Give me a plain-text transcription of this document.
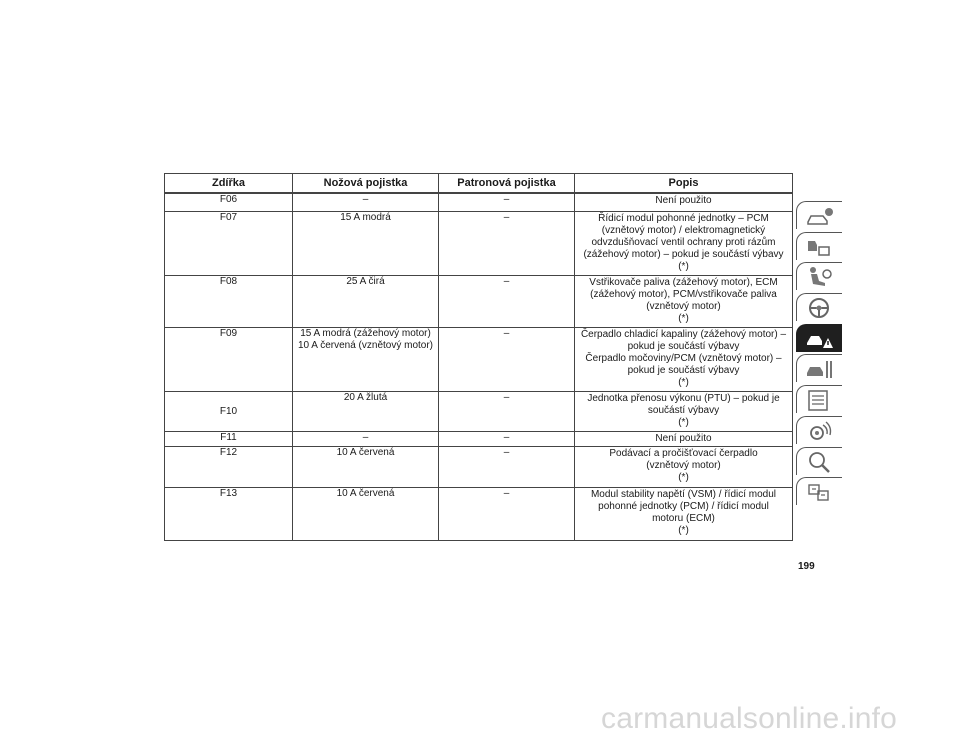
Zdířka	Nožová pojistka	Patronová pojistka	Popis
F06	–	–	Není použito

F07	15 A modrá	–	Řídicí modul pohonné jednotky – PCM
(vznětový motor) / elektromagnetický
odvzdušňovací ventil ochrany proti rázům
(zážehový motor) – pokud je součástí výbavy
(*)

F08	25 A čirá	–	Vstřikovače paliva (zážehový motor), ECM
(zážehový motor), PCM/vstřikovače paliva
(vznětový motor)
(*)

F09	15 A modrá (zážehový motor)
10 A červená (vznětový motor)	–	Čerpadlo chladicí kapaliny (zážehový motor) –
pokud je součástí výbavy
Čerpadlo močoviny/PCM (vznětový motor) –
pokud je součástí výbavy
(*)

F10	20 A žlutá	–	Jednotka přenosu výkonu (PTU) – pokud je
součástí výbavy
(*)

F11	–	–	Není použito

F12	10 A červená	–	Podávací a pročišťovací čerpadlo
(vznětový motor)
(*)

F13	10 A červená	–	Modul stability napětí (VSM) / řídicí modul
pohonné jednotky (PCM) / řídicí modul
motoru (ECM)
(*)
199
carmanualsonline.info
